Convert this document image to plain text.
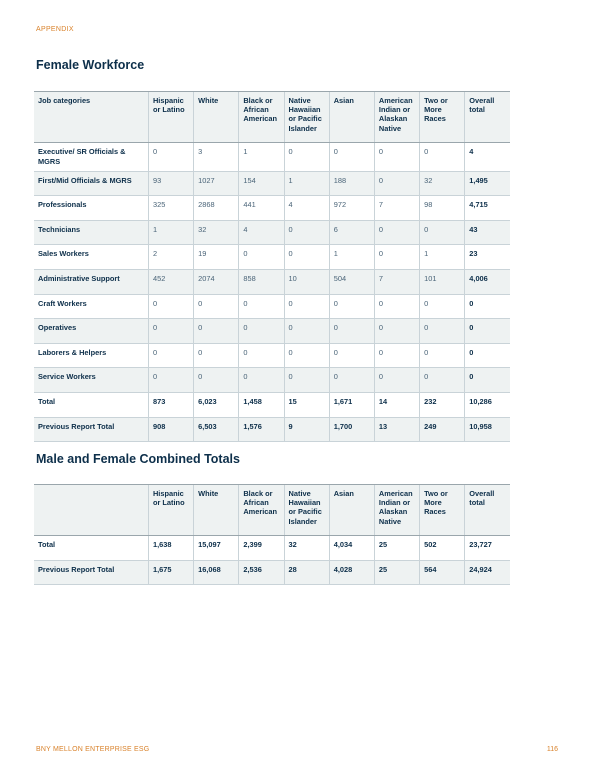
APPENDIX
Female Workforce
Job categories	Hispanic or Latino	White	Black or African American	Native Hawaiian or Pacific Islander	Asian	American Indian or Alaskan Native	Two or More Races	Overall total
Executive/ SR Officials & MGRS	0	3	1	0	0	0	0	4
First/Mid Officials & MGRS	93	1027	154	1	188	0	32	1,495
Professionals	325	2868	441	4	972	7	98	4,715
Technicians	1	32	4	0	6	0	0	43
Sales Workers	2	19	0	0	1	0	1	23
Administrative Support	452	2074	858	10	504	7	101	4,006
Craft Workers	0	0	0	0	0	0	0	0
Operatives	0	0	0	0	0	0	0	0
Laborers & Helpers	0	0	0	0	0	0	0	0
Service Workers	0	0	0	0	0	0	0	0
Total	873	6,023	1,458	15	1,671	14	232	10,286
Previous Report Total	908	6,503	1,576	9	1,700	13	249	10,958
Male and Female Combined Totals
	Hispanic or Latino	White	Black or African American	Native Hawaiian or Pacific Islander	Asian	American Indian or Alaskan Native	Two or More Races	Overall total
Total	1,638	15,097	2,399	32	4,034	25	502	23,727
Previous Report Total	1,675	16,068	2,536	28	4,028	25	564	24,924
BNY MELLON ENTERPRISE ESG	116
